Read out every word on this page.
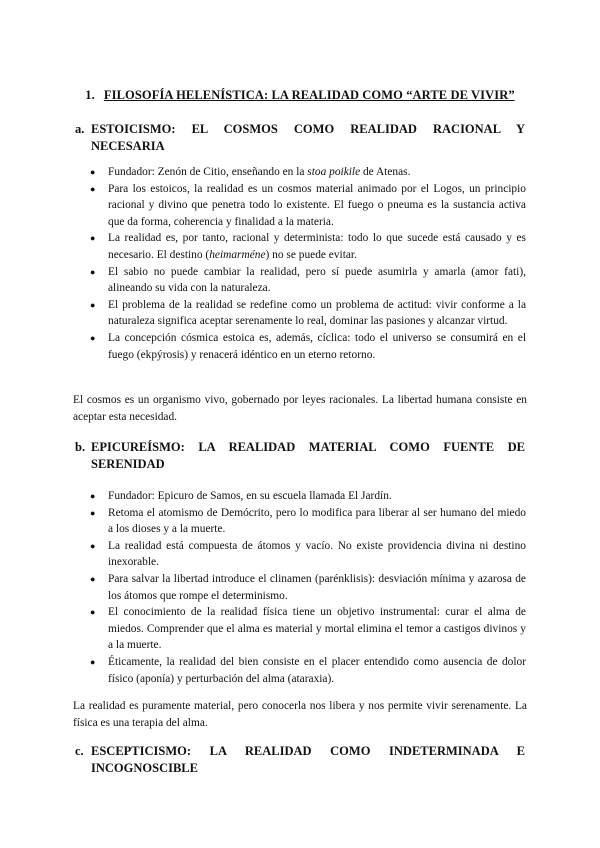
1. FILOSOFÍA HELENÍSTICA: LA REALIDAD COMO “ARTE DE VIVIR”
a. ESTOICISMO: EL COSMOS COMO REALIDAD RACIONAL Y
NECESARIA
● Fundador: Zenón de Citio, enseñando en la stoa poikile de Atenas.
● Para los estoicos, la realidad es un cosmos material animado por el Logos, un principio racional y divino que penetra todo lo existente. El fuego o pneuma es la sustancia activa que da forma, coherencia y finalidad a la materia.
● La realidad es, por tanto, racional y determinista: todo lo que sucede está causado y es necesario. El destino (heimarméne) no se puede evitar.
● El sabio no puede cambiar la realidad, pero sí puede asumirla y amarla (amor fati), alineando su vida con la naturaleza.
● El problema de la realidad se redefine como un problema de actitud: vivir conforme a la naturaleza significa aceptar serenamente lo real, dominar las pasiones y alcanzar virtud.
● La concepción cósmica estoica es, además, cíclica: todo el universo se consumirá en el fuego (ekpýrosis) y renacerá idéntico en un eterno retorno.
El cosmos es un organismo vivo, gobernado por leyes racionales. La libertad humana consiste en aceptar esta necesidad.
b. EPICUREÍSMO: LA REALIDAD MATERIAL COMO FUENTE DE
SERENIDAD
● Fundador: Epicuro de Samos, en su escuela llamada El Jardín.
● Retoma el atomismo de Demócrito, pero lo modifica para liberar al ser humano del miedo a los dioses y a la muerte.
● La realidad está compuesta de átomos y vacío. No existe providencia divina ni destino inexorable.
● Para salvar la libertad introduce el clinamen (parénklisis): desviación mínima y azarosa de los átomos que rompe el determinismo.
● El conocimiento de la realidad física tiene un objetivo instrumental: curar el alma de miedos. Comprender que el alma es material y mortal elimina el temor a castigos divinos y a la muerte.
● Éticamente, la realidad del bien consiste en el placer entendido como ausencia de dolor físico (aponía) y perturbación del alma (ataraxia).
La realidad es puramente material, pero conocerla nos libera y nos permite vivir serenamente. La física es una terapia del alma.
c. ESCEPTICISMO: LA REALIDAD COMO INDETERMINADA E
INCOGNOSCIBLE
